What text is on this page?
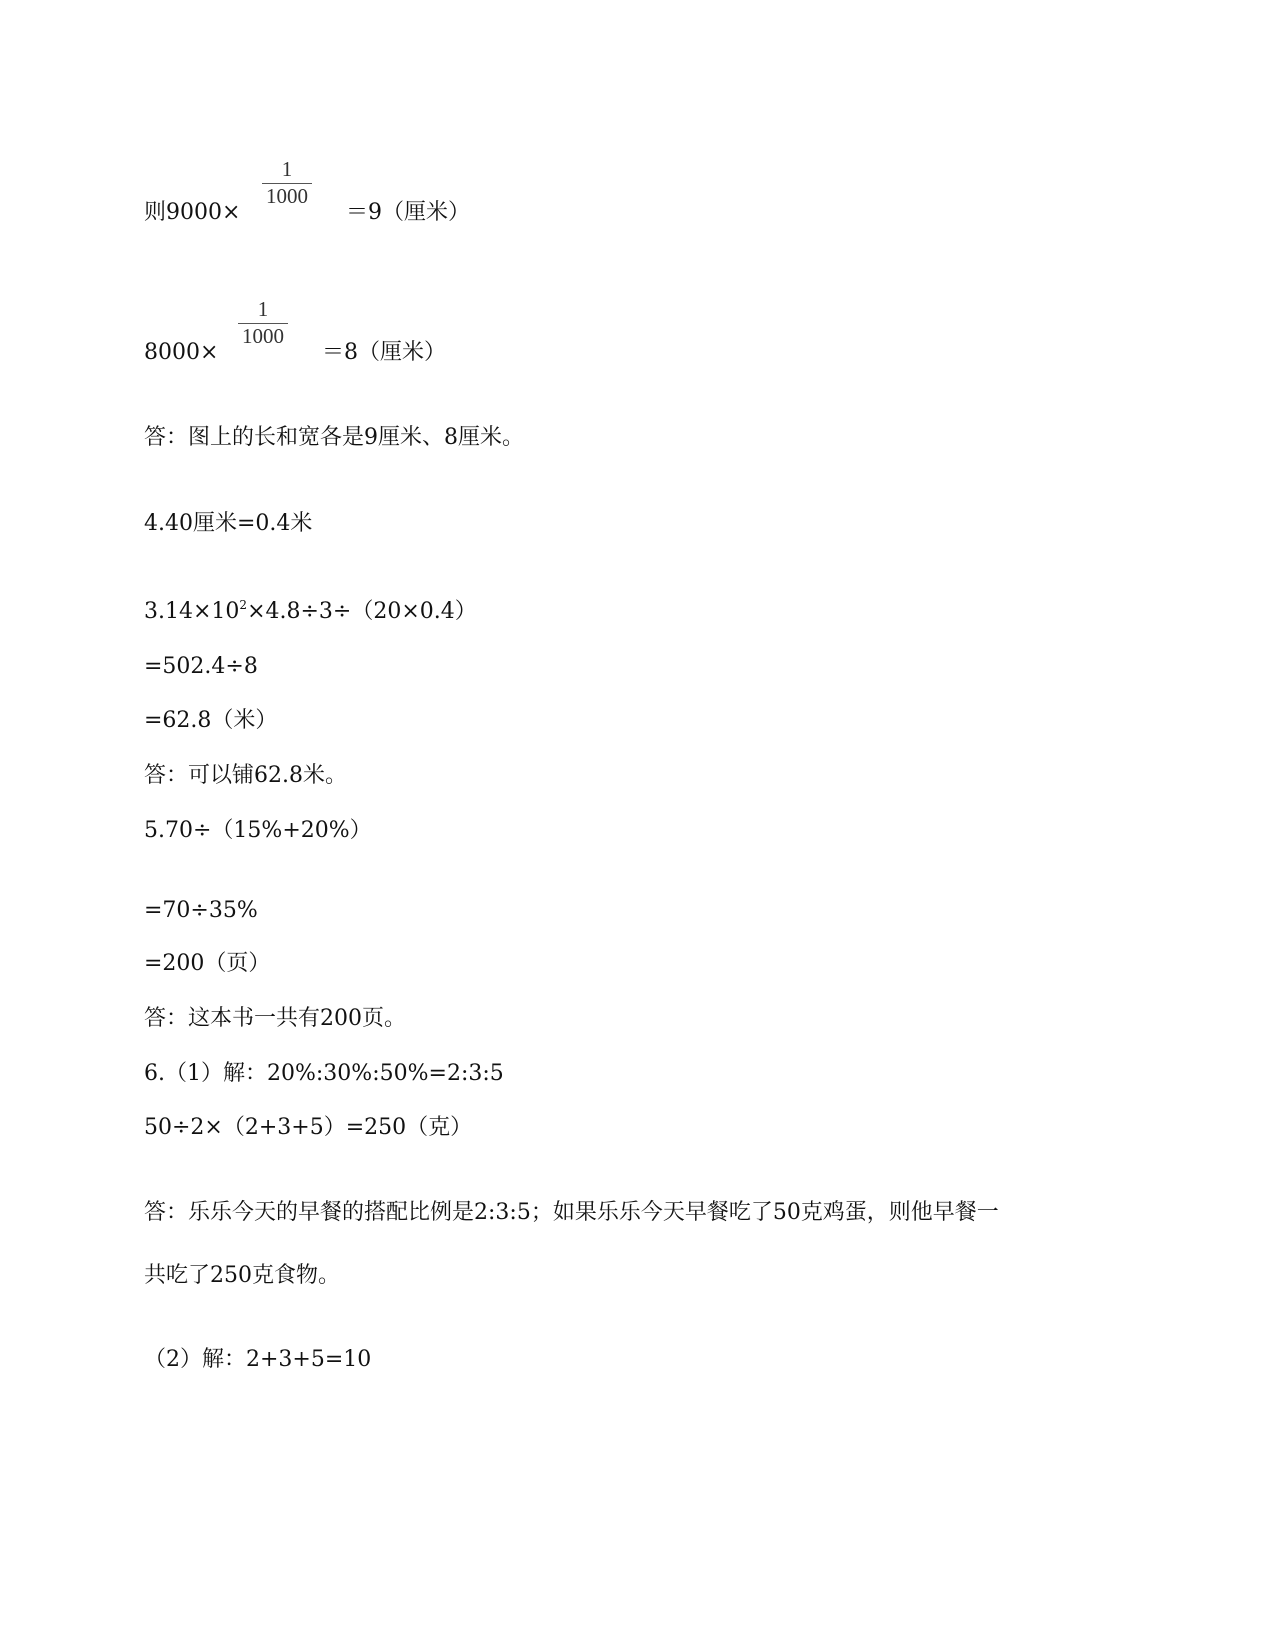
则9000×
1
1000
＝9（厘米）
8000×
1
1000
＝8（厘米）
答：图上的长和宽各是9厘米、8厘米。
4.40厘米=0.4米
$3.14\times 10^2\times 4.8\div 3\div(20\times 0.4)$
=502.4÷8
=62.8（米）
答：可以铺62.8米。
5.70÷（15%+20%）
=70÷35%
=200（页）
答：这本书一共有200页。
6.（1）解：20%:30%:50%=2:3:5
50÷2×（2+3+5）=250（克）
答：乐乐今天的早餐的搭配比例是2:3:5；如果乐乐今天早餐吃了50克鸡蛋，则他早餐一
共吃了250克食物。
（2）解：2+3+5=10
